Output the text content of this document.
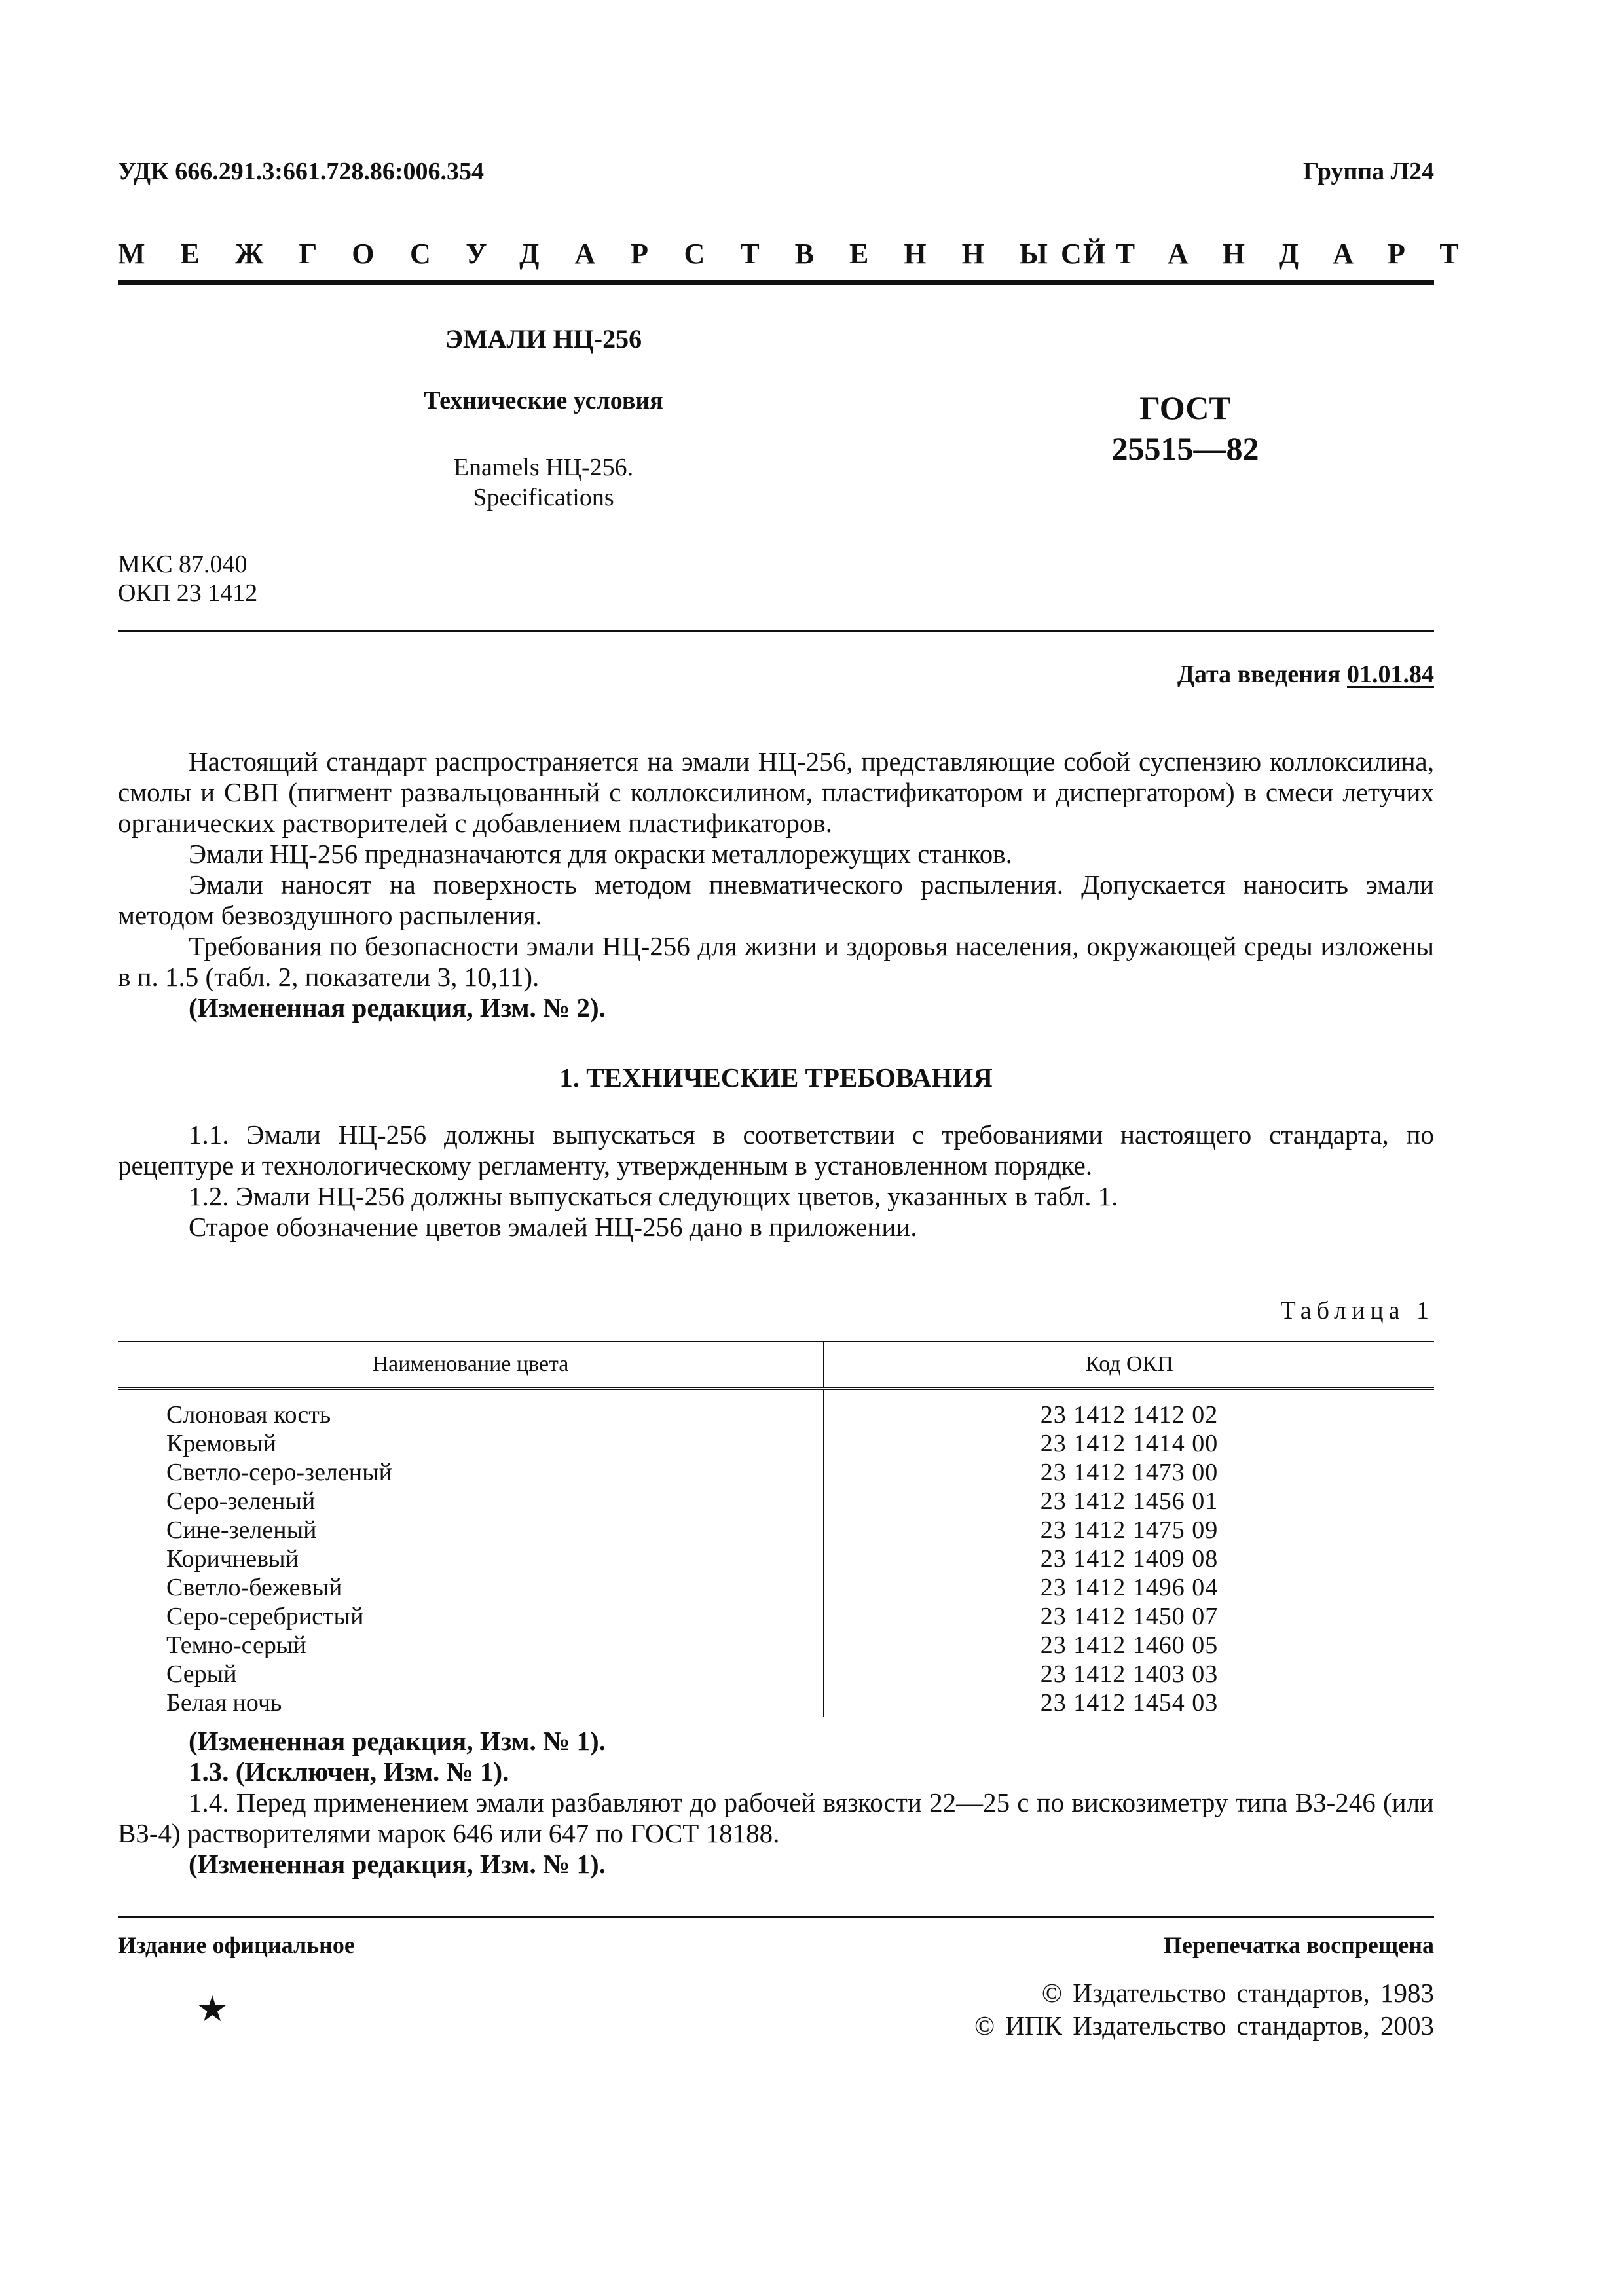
УДК 666.291.3:661.728.86:006.354	Группа Л24
МЕЖГОСУДАРСТВЕННЫЙ
СТАНДАРТ
ЭМАЛИ НЦ-256
Технические условия
Enamels НЦ-256.
Specifications
ГОСТ
25515—82
МКС 87.040
ОКП 23 1412
Дата введения 01.01.84

Настоящий стандарт распространяется на эмали НЦ-256, представляющие собой суспензию коллоксилина, смолы и СВП (пигмент развальцованный с коллоксилином, пластификатором и диспергатором) в смеси летучих органических растворителей с добавлением пластификаторов.

Эмали НЦ-256 предназначаются для окраски металлорежущих станков.

Эмали наносят на поверхность методом пневматического распыления. Допускается наносить эмали методом безвоздушного распыления.

Требования по безопасности эмали НЦ-256 для жизни и здоровья населения, окружающей среды изложены в п. 1.5 (табл. 2, показатели 3, 10,11).

(Измененная редакция, Изм. № 2).

1. ТЕХНИЧЕСКИЕ ТРЕБОВАНИЯ

1.1. Эмали НЦ-256 должны выпускаться в соответствии с требованиями настоящего стандарта, по рецептуре и технологическому регламенту, утвержденным в установленном порядке.

1.2. Эмали НЦ-256 должны выпускаться следующих цветов, указанных в табл. 1.

Старое обозначение цветов эмалей НЦ-256 дано в приложении.

Таблица 1
Наименование цвета	Код ОКП
Слоновая кость	23 1412 1412 02
Кремовый	23 1412 1414 00
Светло-серо-зеленый	23 1412 1473 00
Серо-зеленый	23 1412 1456 01
Сине-зеленый	23 1412 1475 09
Коричневый	23 1412 1409 08
Светло-бежевый	23 1412 1496 04
Серо-серебристый	23 1412 1450 07
Темно-серый	23 1412 1460 05
Серый	23 1412 1403 03
Белая ночь	23 1412 1454 03

(Измененная редакция, Изм. № 1).

1.3. (Исключен, Изм. № 1).

1.4. Перед применением эмали разбавляют до рабочей вязкости 22—25 с по вискозиметру типа ВЗ-246 (или ВЗ-4) растворителями марок 646 или 647 по ГОСТ 18188.

(Измененная редакция, Изм. № 1).

Издание официальное	Перепечатка воспрещена
★	© Издательство стандартов, 1983
© ИПК Издательство стандартов, 2003
